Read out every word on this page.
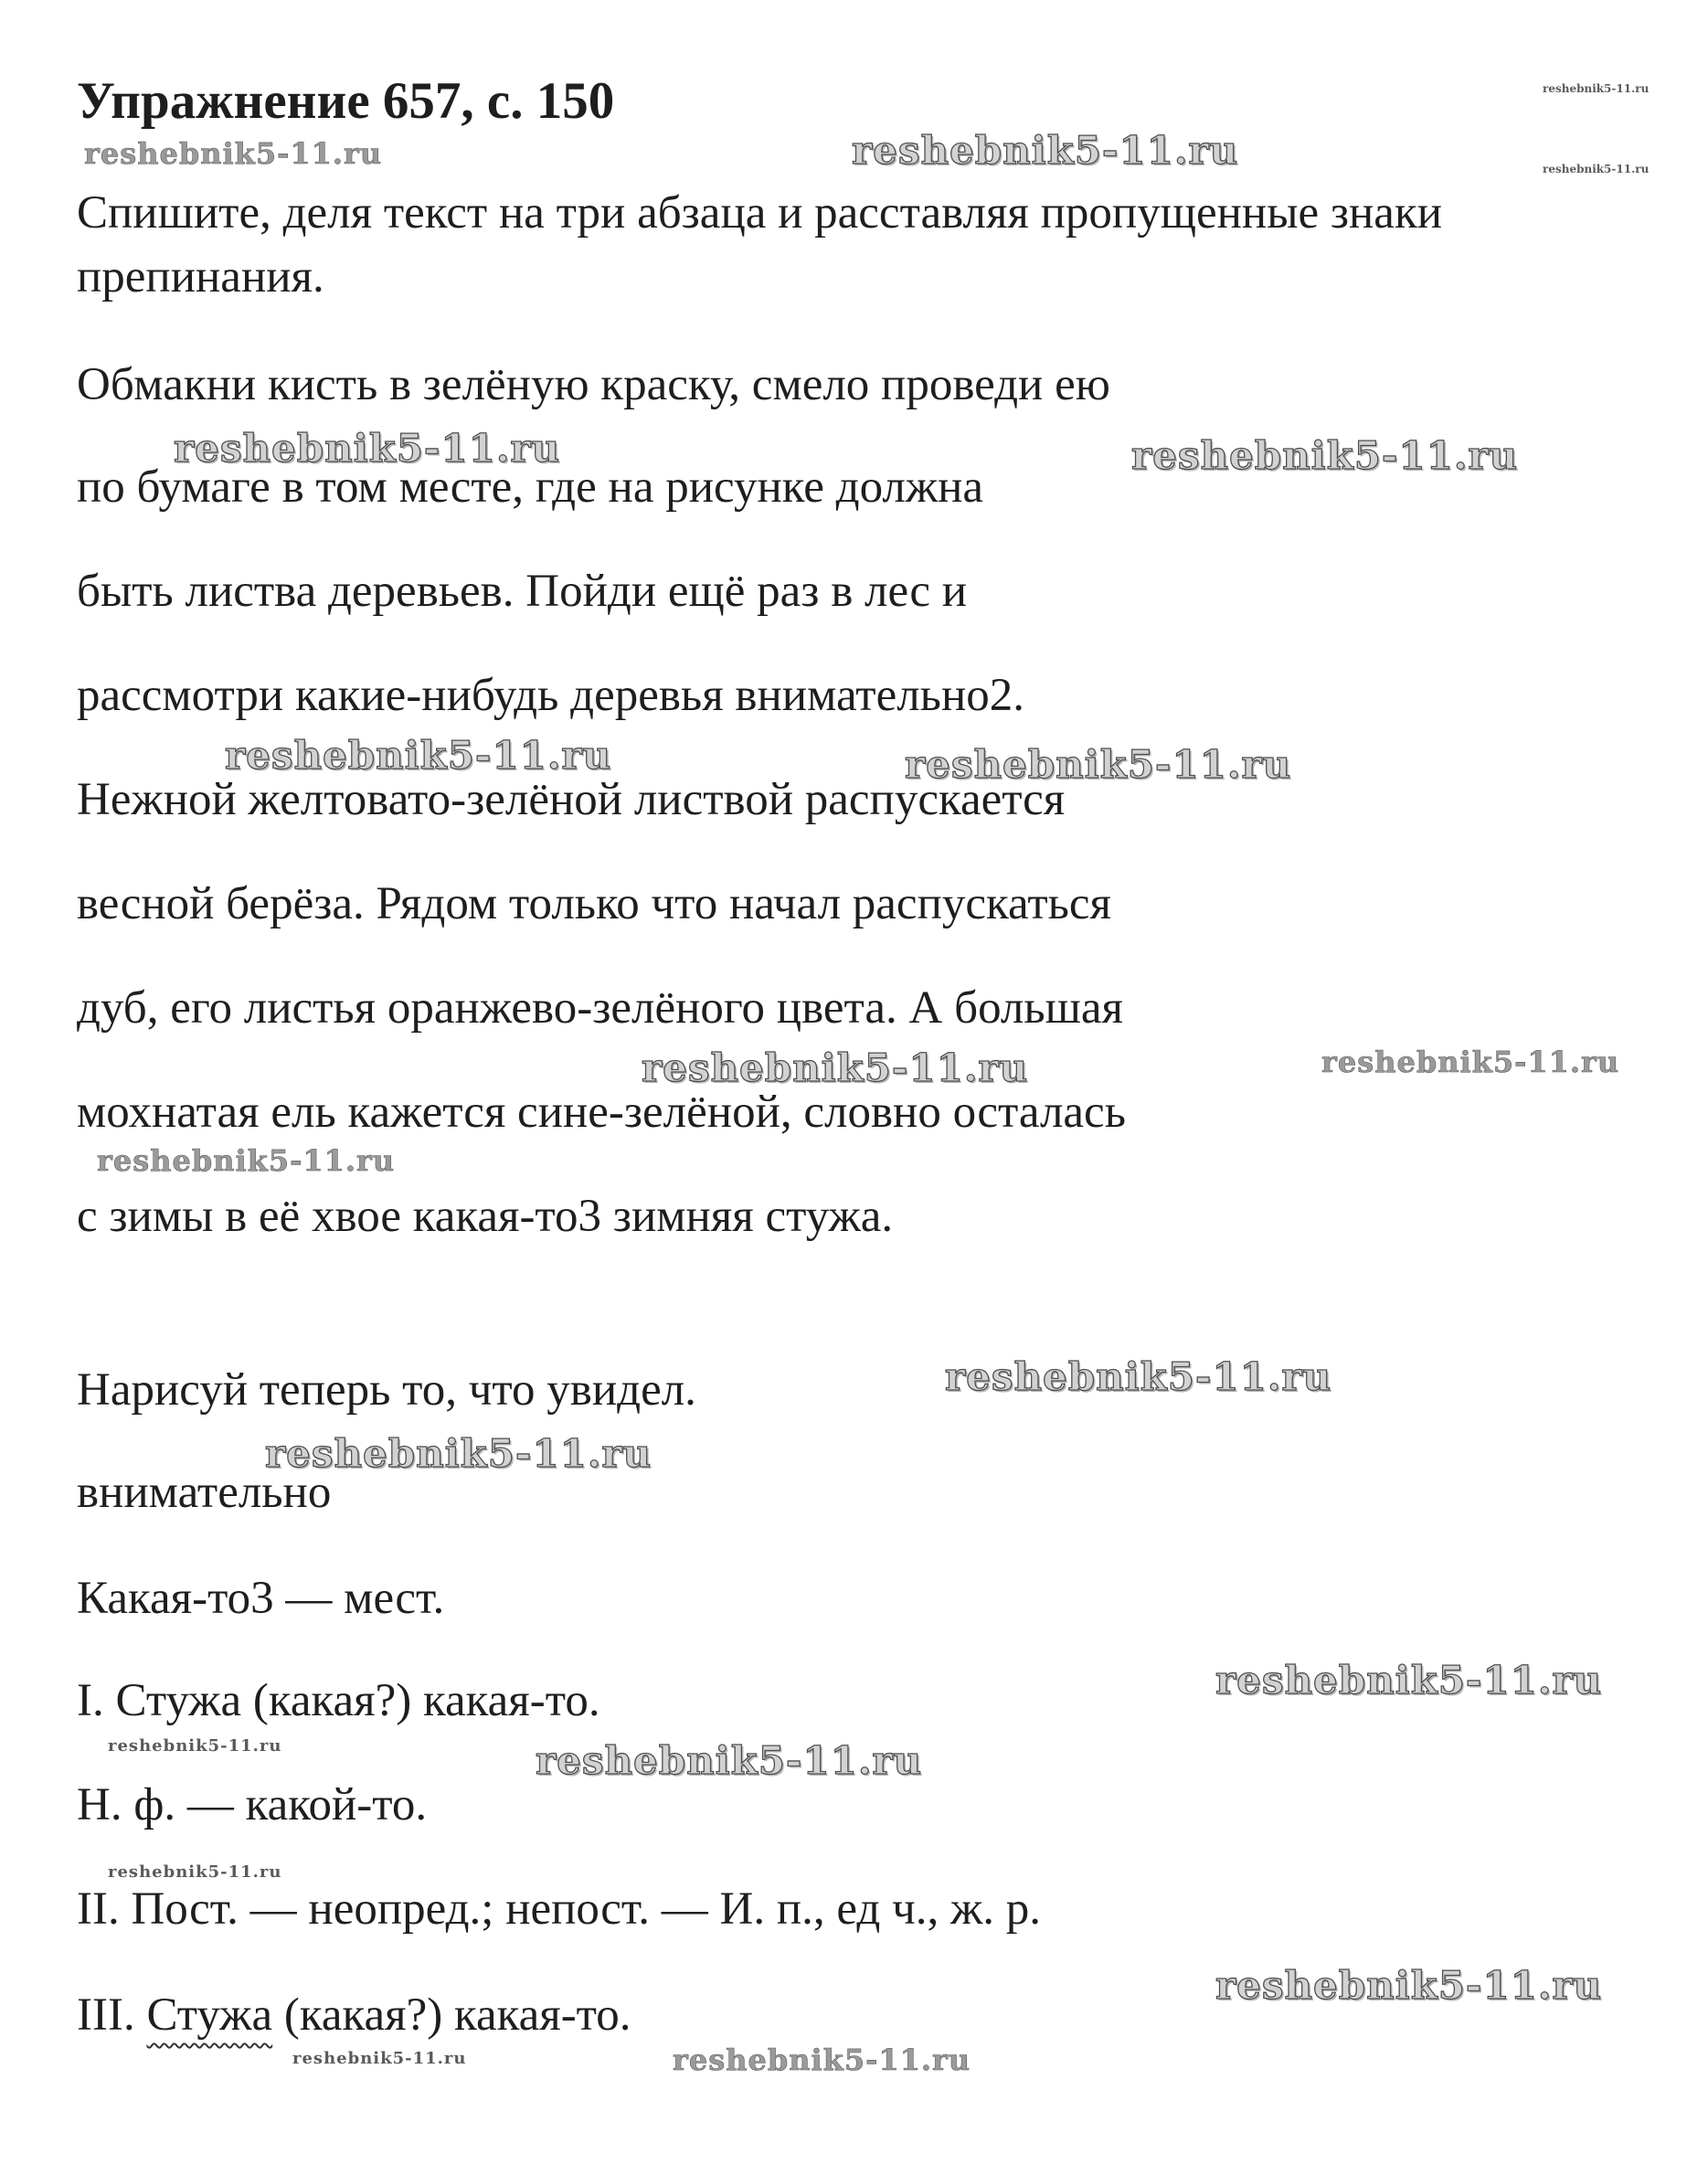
Упражнение 657, с. 150
Спишите, деля текст на три абзаца и расставляя пропущенные знаки препинания.
Обмакни кисть в зелёную краску, смело проведи ею
по бумаге в том месте, где на рисунке должна
быть листва деревьев. Пойди ещё раз в лес и
рассмотри какие-нибудь деревья внимательно2.
Нежной желтовато-зелёной листвой распускается
весной берёза. Рядом только что начал распускаться
дуб, его листья оранжево-зелёного цвета. А большая
мохнатая ель кажется сине-зелёной, словно осталась
с зимы в её хвое какая-то3 зимняя стужа.
Нарисуй теперь то, что увидел.
внимательно
Какая-то3 — мест.
I. Стужа (какая?) какая-то.
Н. ф. — какой-то.
II. Пост. — неопред.; непост. — И. п., ед ч., ж. р.
III. Стужа (какая?) какая-то.
reshebnik5-11.ru
reshebnik5-11.ru
reshebnik5-11.ru	reshebnik5-11.ru
reshebnik5-11.ru	reshebnik5-11.ru
reshebnik5-11.ru	reshebnik5-11.ru
reshebnik5-11.ru	reshebnik5-11.ru
reshebnik5-11.ru
reshebnik5-11.ru
reshebnik5-11.ru
reshebnik5-11.ru
reshebnik5-11.ru	reshebnik5-11.ru
reshebnik5-11.ru
reshebnik5-11.ru
reshebnik5-11.ru	reshebnik5-11.ru
